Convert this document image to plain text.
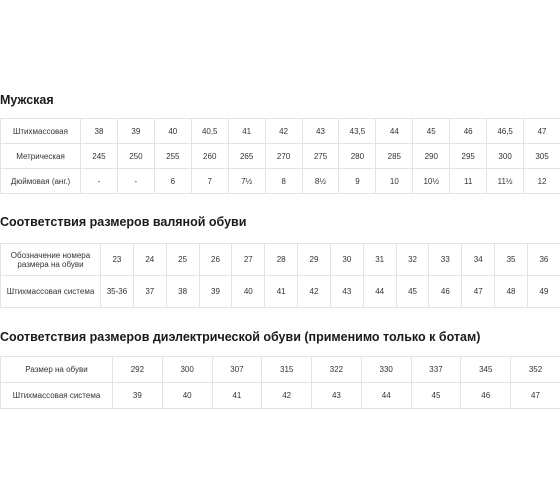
Мужская
Штихмассовая	38	39	40	40,5	41	42	43	43,5	44	45	46	46,5	47
Метрическая	245	250	255	260	265	270	275	280	285	290	295	300	305
Дюймовая (анг.)	-	-	6	7	7½	8	8½	9	10	10½	11	11½	12
Соответствия размеров валяной обуви
Обозначение номера размера на обуви	23	24	25	26	27	28	29	30	31	32	33	34	35	36
Штихмассовая система	35-36	37	38	39	40	41	42	43	44	45	46	47	48	49
Соответствия размеров диэлектрической обуви (применимо только к ботам)
Размер на обуви	292	300	307	315	322	330	337	345	352
Штихмассовая система	39	40	41	42	43	44	45	46	47
